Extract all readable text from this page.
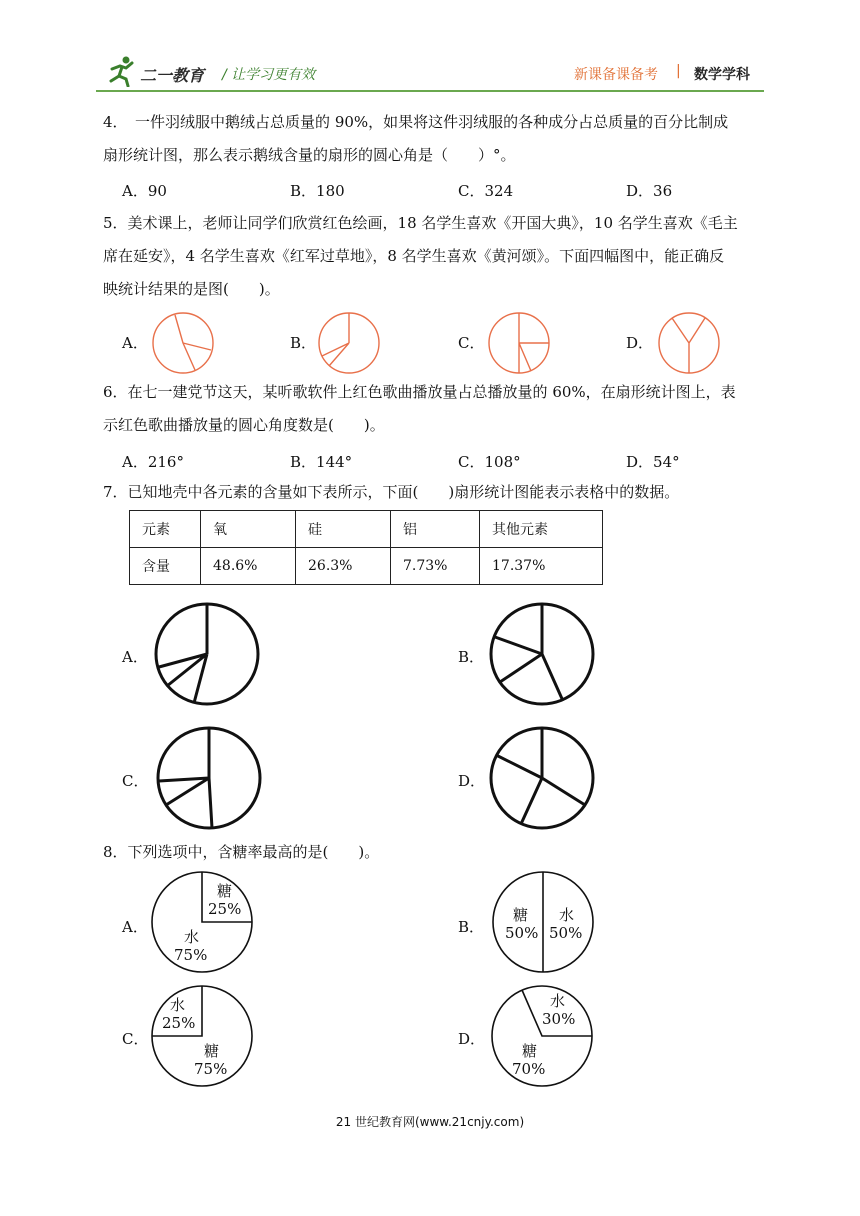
二一教育 / 让学习更有效	新课备课备考 | 数学学科
4．　一件羽绒服中鹅绒占总质量的 90%，如果将这件羽绒服的各种成分占总质量的百分比制成
扇形统计图，那么表示鹅绒含量的扇形的圆心角是（　　）°。
A．90	B．180	C．324	D．36
5．美术课上，老师让同学们欣赏红色绘画，18 名学生喜欢《开国大典》，10 名学生喜欢《毛主
席在延安》，4 名学生喜欢《红军过草地》，8 名学生喜欢《黄河颂》。下面四幅图中，能正确反
映统计结果的是图(　　)。
A．	B．	C．	D．
6．在七一建党节这天，某听歌软件上红色歌曲播放量占总播放量的 60%，在扇形统计图上，表
示红色歌曲播放量的圆心角度数是(　　)。
A．216°	B．144°	C．108°	D．54°
7．已知地壳中各元素的含量如下表所示，下面(　　)扇形统计图能表示表格中的数据。
元素	氧	硅	铝	其他元素
含量	48.6%	26.3%	7.73%	17.37%
A．	B．
C．	D．
8．下列选项中，含糖率最高的是(　　)。
A．	B．
C．	D．
糖
25%
水
75%
糖
50%
水
50%
水
25%
糖
75%
水
30%
糖
70%
21 世纪教育网(www.21cnjy.com)
